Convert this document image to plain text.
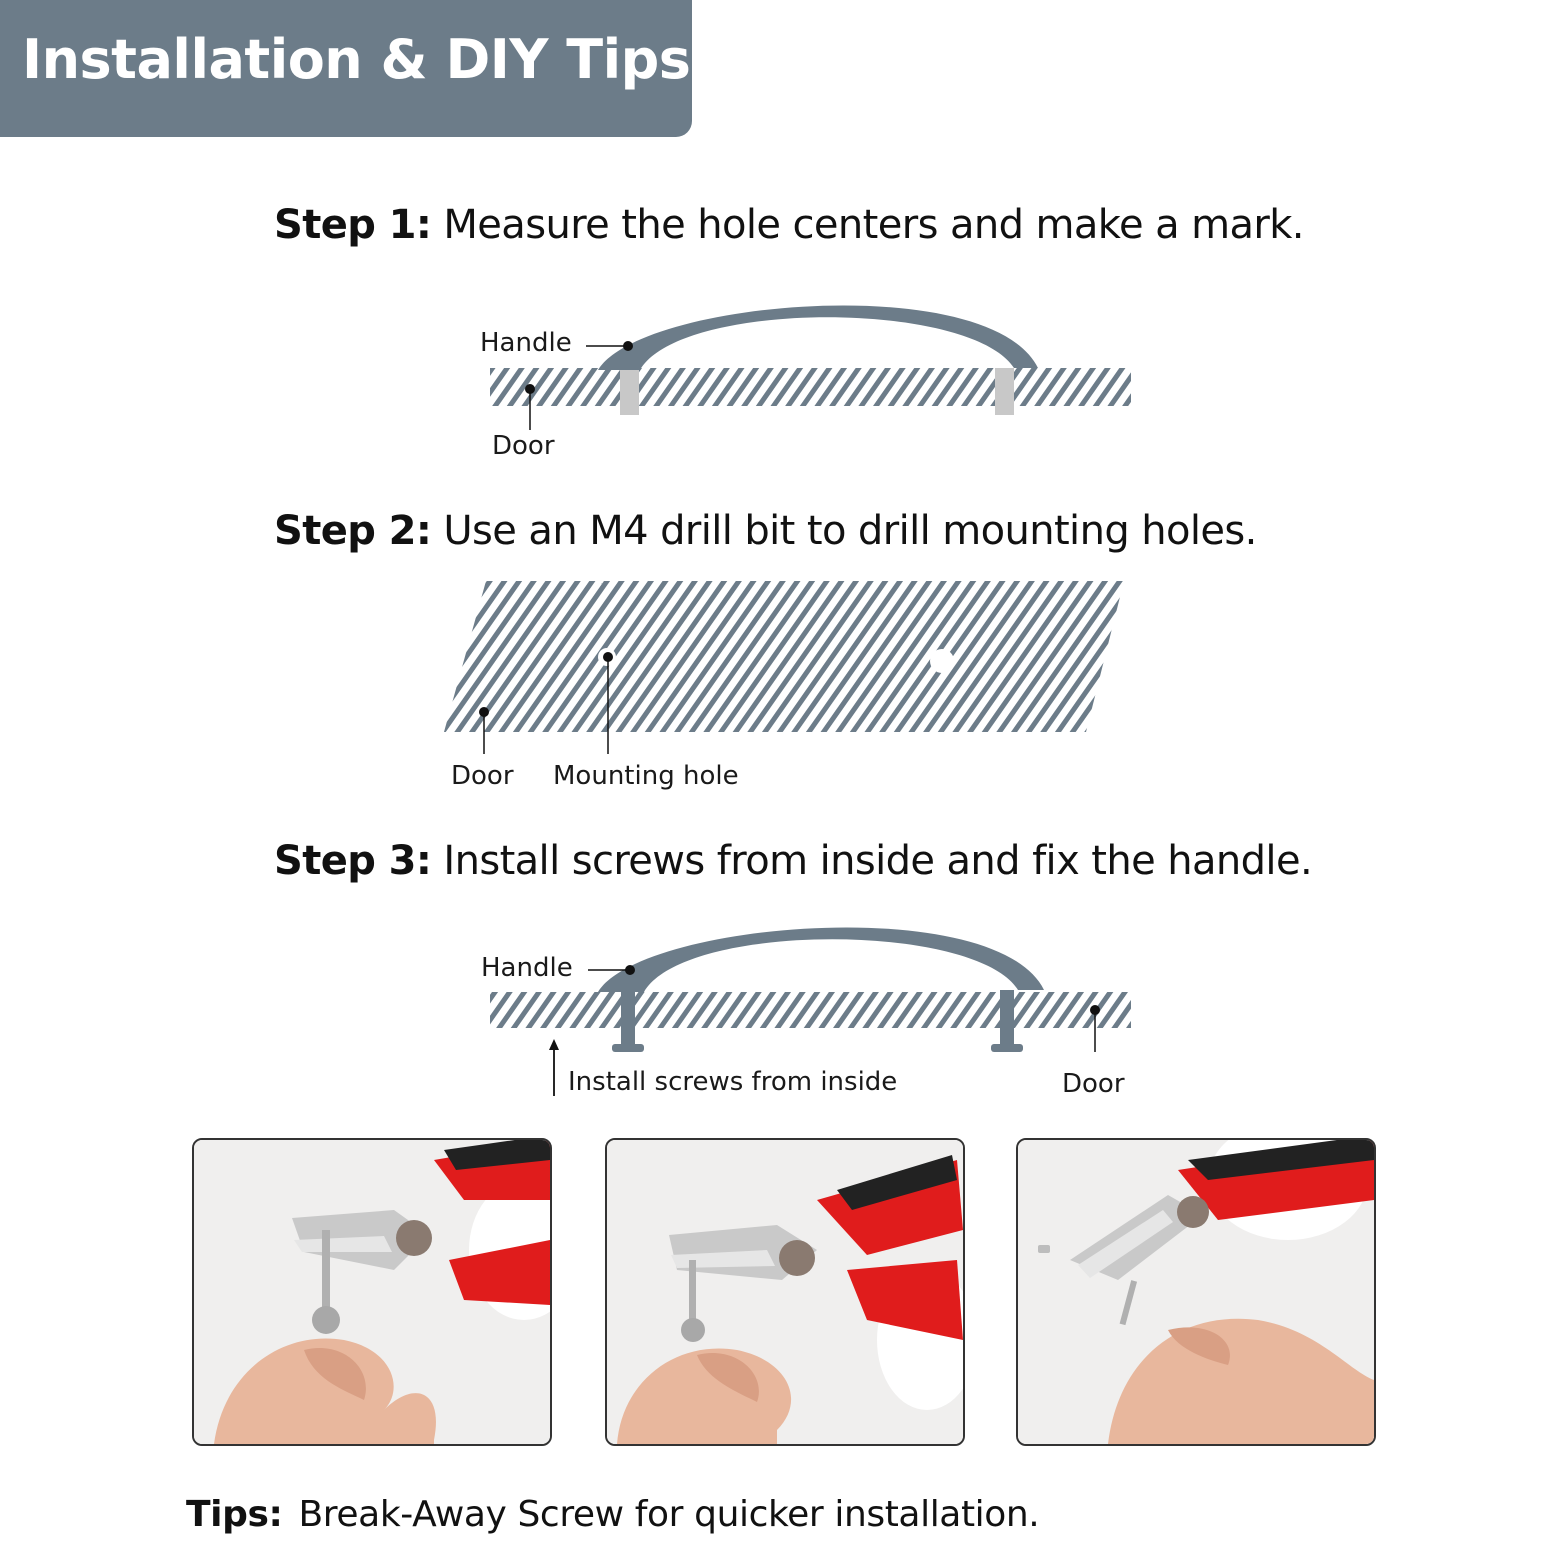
Installation & DIY Tips
Step 1: Measure the hole centers and make a mark.
Step 2: Use an M4 drill bit to drill mounting holes.
Step 3: Install screws from inside and fix the handle.
Handle
Door
Door Mounting hole
Handle
Install screws from inside	Door
Tips: Break-Away Screw for quicker installation.
